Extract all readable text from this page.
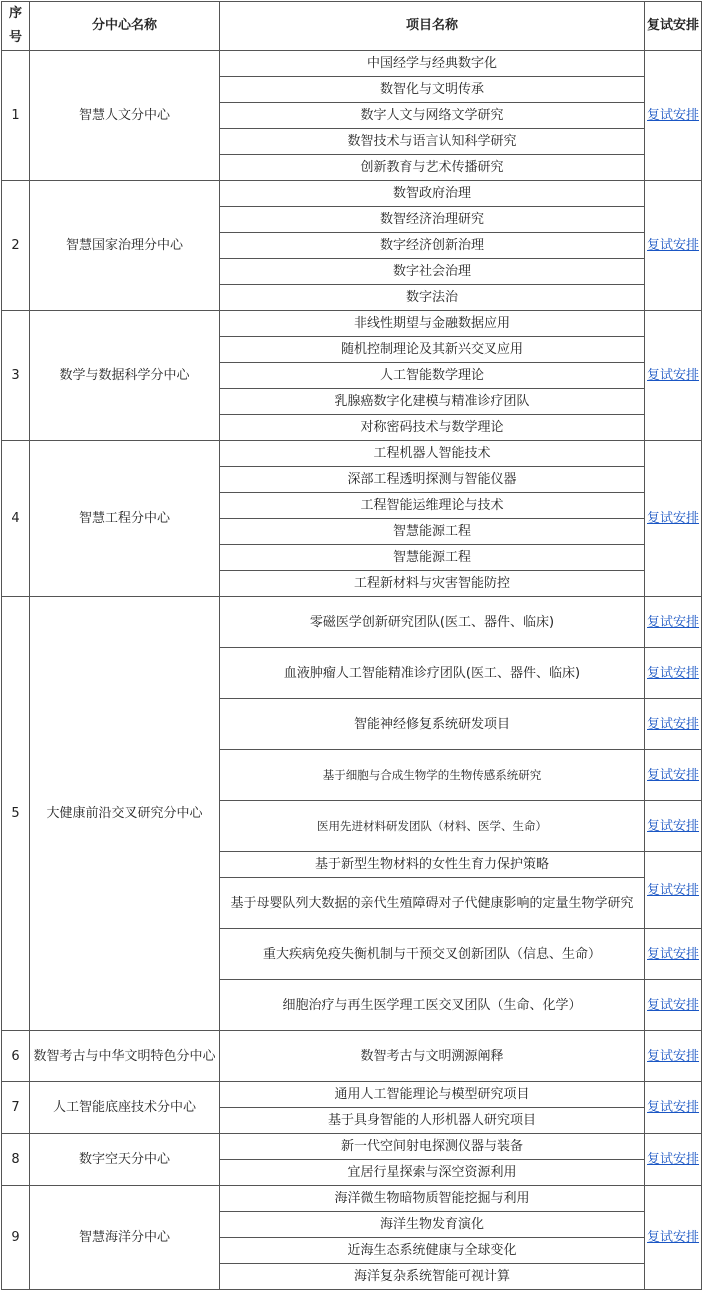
序号	分中心名称	项目名称	复试安排
1	智慧人文分中心	中国经学与经典数字化	复试安排

		数智化与文明传承	
		数字人文与网络文学研究	
		数智技术与语言认知科学研究	
		创新教育与艺术传播研究	
2	智慧国家治理分中心	数智政府治理	复试安排

		数智经济治理研究	
		数字经济创新治理	
		数字社会治理	
		数字法治	
3	数学与数据科学分中心	非线性期望与金融数据应用	复试安排

		随机控制理论及其新兴交叉应用	
		人工智能数学理论	
		乳腺癌数字化建模与精准诊疗团队	
		对称密码技术与数学理论	
4	智慧工程分中心	工程机器人智能技术	复试安排

		深部工程透明探测与智能仪器	
		工程智能运维理论与技术	
		智慧能源工程	
		智慧能源工程	
		工程新材料与灾害智能防控	
5	大健康前沿交叉研究分中心	零磁医学创新研究团队(医工、器件、临床)	复试安排

		血液肿瘤人工智能精准诊疗团队(医工、器件、临床)	复试安排

		智能神经修复系统研发项目	复试安排

		基于细胞与合成生物学的生物传感系统研究	复试安排

		医用先进材料研发团队（材料、医学、生命）	复试安排

		基于新型生物材料的女性生育力保护策略	复试安排

		基于母婴队列大数据的亲代生殖障碍对子代健康影响的定量生物学研究	
		重大疾病免疫失衡机制与干预交叉创新团队（信息、生命）	复试安排

		细胞治疗与再生医学理工医交叉团队（生命、化学）	复试安排

6	数智考古与中华文明特色分中心	数智考古与文明溯源阐释	复试安排

7	人工智能底座技术分中心	通用人工智能理论与模型研究项目	复试安排

		基于具身智能的人形机器人研究项目	
8	数字空天分中心	新一代空间射电探测仪器与装备	复试安排

		宜居行星探索与深空资源利用	
9	智慧海洋分中心	海洋微生物暗物质智能挖掘与利用	复试安排

		海洋生物发育演化	
		近海生态系统健康与全球变化	
		海洋复杂系统智能可视计算	
